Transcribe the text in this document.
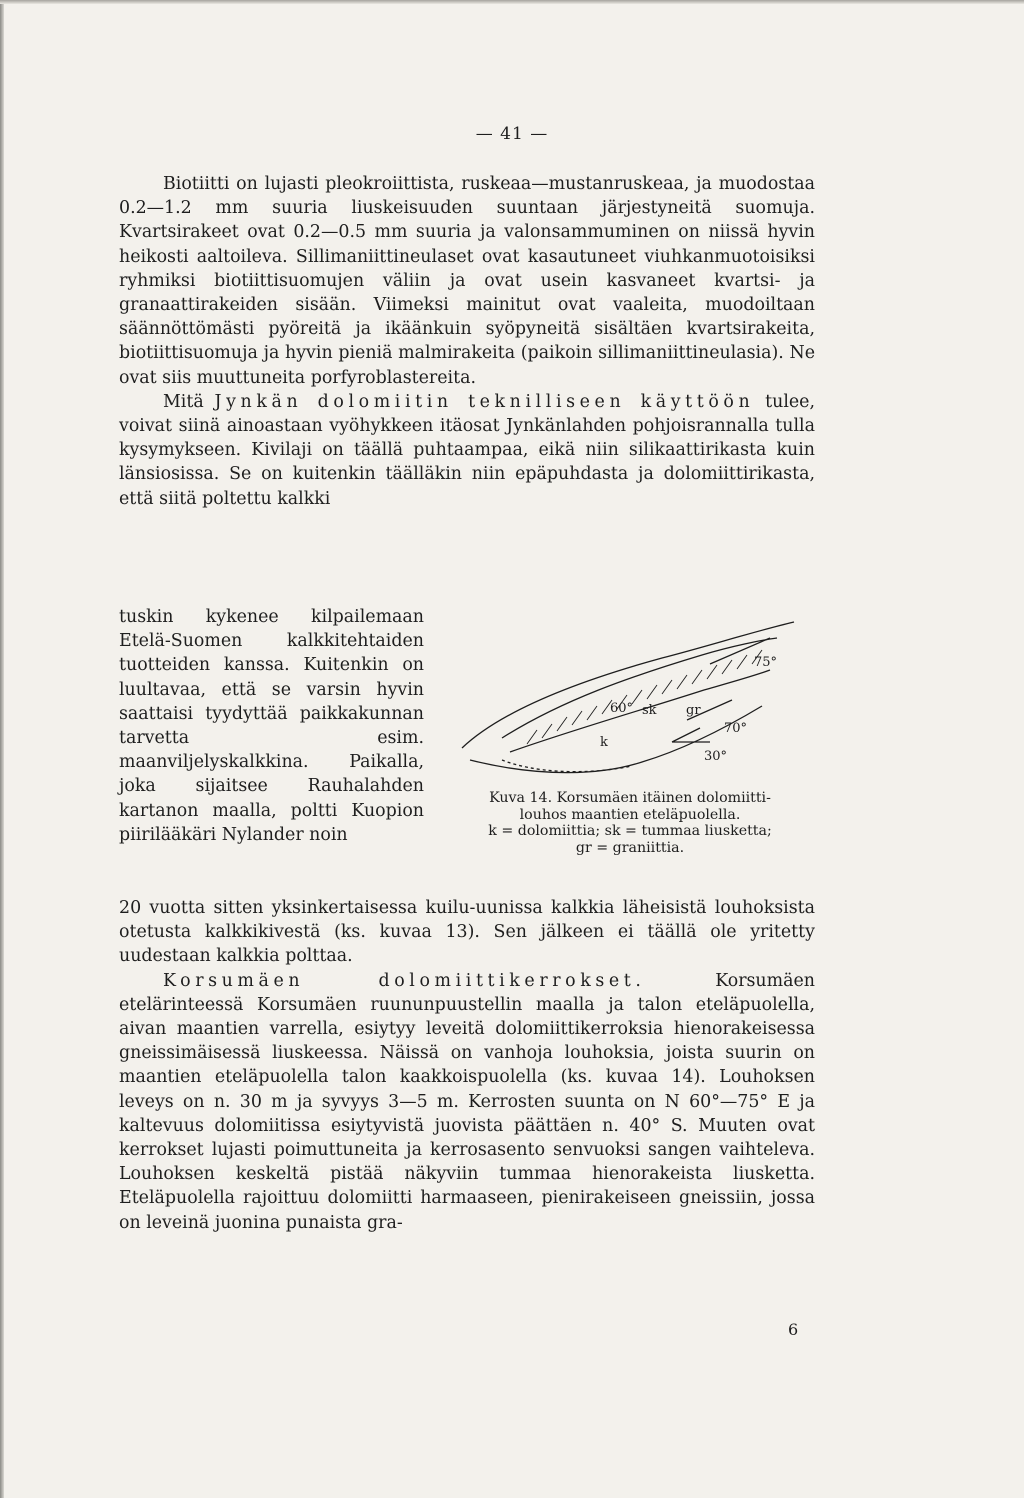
— 41 —

Biotiitti on lujasti pleokroiittista, ruskeaa—mustanruskeaa, ja muodostaa 0.2—1.2 mm suuria liuskeisuuden suuntaan järjestyneitä suomuja. Kvartsirakeet ovat 0.2—0.5 mm suuria ja valonsammuminen on niissä hyvin heikosti aaltoileva. Sillimaniittineulaset ovat kasautuneet viuhkanmuotoisiksi ryhmiksi biotiittisuomujen väliin ja ovat usein kasvaneet kvartsi- ja granaattirakeiden sisään. Viimeksi mainitut ovat vaaleita, muodoiltaan säännöttömästi pyöreitä ja ikäänkuin syöpyneitä sisältäen kvartsirakeita, biotiittisuomuja ja hyvin pieniä malmirakeita (paikoin sillimaniittineulasia). Ne ovat siis muuttuneita porfyroblastereita.

Mitä Jynkän dolomiitin teknilliseen käyttöön tulee, voivat siinä ainoastaan vyöhykkeen itäosat Jynkänlahden pohjoisrannalla tulla kysymykseen. Kivilaji on täällä puhtaampaa, eikä niin silikaattirikasta kuin länsiosissa. Se on kuitenkin täälläkin niin epäpuhdasta ja dolomiittirikasta, että siitä poltettu kalkki

tuskin kykenee kilpailemaan Etelä-Suomen kalkkitehtaiden tuotteiden kanssa. Kuitenkin on luultavaa, että se varsin hyvin saattaisi tyydyttää paikkakunnan tarvetta esim. maanviljelyskalkkina. Paikalla, joka sijaitsee Rauhalahden kartanon maalla, poltti Kuopion piirilääkäri Nylander noin
75°
60°
70°
30°
sk
k
gr
Kuva 14. Korsumäen itäinen dolomiitti-
louhos maantien eteläpuolella.
k = dolomiittia; sk = tummaa liusketta;
gr = graniittia.

20 vuotta sitten yksinkertaisessa kuilu-uunissa kalkkia läheisistä louhoksista otetusta kalkkikivestä (ks. kuvaa 13). Sen jälkeen ei täällä ole yritetty uudestaan kalkkia polttaa.

Korsumäen dolomiittikerrokset.	Korsumäen etelärinteessä Korsumäen ruununpuustellin maalla ja talon eteläpuolella, aivan maantien varrella, esiytyy leveitä dolomiittikerroksia hienorakeisessa gneissimäisessä liuskeessa. Näissä on vanhoja louhoksia, joista suurin on maantien eteläpuolella talon kaakkoispuolella (ks. kuvaa 14). Louhoksen leveys on n. 30 m ja syvyys 3—5 m. Kerrosten suunta on N 60°—75° E ja kaltevuus dolomiitissa esiytyvistä juovista päättäen n. 40° S. Muuten ovat kerrokset lujasti poimuttuneita ja kerrosasento senvuoksi sangen vaihteleva. Louhoksen keskeltä pistää näkyviin tummaa hienorakeista liusketta. Eteläpuolella rajoittuu dolomiitti harmaaseen, pienirakeiseen gneissiin, jossa on leveinä juonina punaista gra-

6
